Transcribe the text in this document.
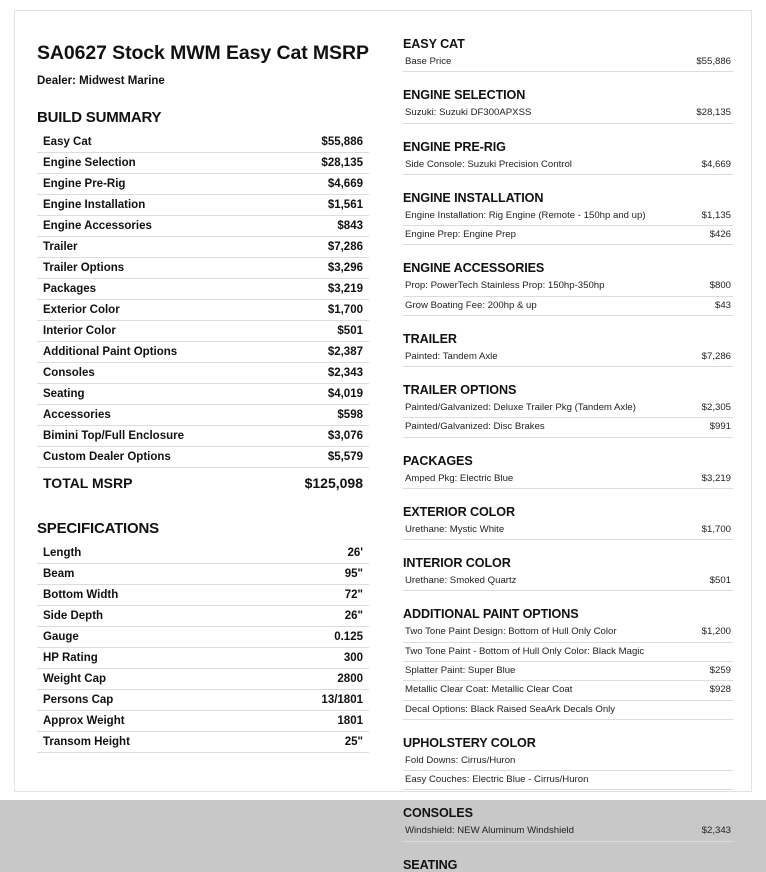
SA0627 Stock MWM Easy Cat MSRP
Dealer: Midwest Marine
BUILD SUMMARY
Easy Cat	$55,886
Engine Selection	$28,135
Engine Pre-Rig	$4,669
Engine Installation	$1,561
Engine Accessories	$843
Trailer	$7,286
Trailer Options	$3,296
Packages	$3,219
Exterior Color	$1,700
Interior Color	$501
Additional Paint Options	$2,387
Consoles	$2,343
Seating	$4,019
Accessories	$598
Bimini Top/Full Enclosure	$3,076
Custom Dealer Options	$5,579
TOTAL MSRP	$125,098
SPECIFICATIONS
Length	26'
Beam	95"
Bottom Width	72"
Side Depth	26"
Gauge	0.125
HP Rating	300
Weight Cap	2800
Persons Cap	13/1801
Approx Weight	1801
Transom Height	25"
EASY CAT
Base Price	$55,886
ENGINE SELECTION
Suzuki: Suzuki DF300APXSS	$28,135
ENGINE PRE-RIG
Side Console: Suzuki Precision Control	$4,669
ENGINE INSTALLATION
Engine Installation: Rig Engine (Remote - 150hp and up)	$1,135
Engine Prep: Engine Prep	$426
ENGINE ACCESSORIES
Prop: PowerTech Stainless Prop: 150hp-350hp	$800
Grow Boating Fee: 200hp & up	$43
TRAILER
Painted: Tandem Axle	$7,286
TRAILER OPTIONS
Painted/Galvanized: Deluxe Trailer Pkg (Tandem Axle)	$2,305
Painted/Galvanized: Disc Brakes	$991
PACKAGES
Amped Pkg: Electric Blue	$3,219
EXTERIOR COLOR
Urethane: Mystic White	$1,700
INTERIOR COLOR
Urethane: Smoked Quartz	$501
ADDITIONAL PAINT OPTIONS
Two Tone Paint Design: Bottom of Hull Only Color	$1,200
Two Tone Paint - Bottom of Hull Only Color: Black Magic	
Splatter Paint: Super Blue	$259
Metallic Clear Coat: Metallic Clear Coat	$928
Decal Options: Black Raised SeaArk Decals Only	
UPHOLSTERY COLOR
Fold Downs: Cirrus/Huron	
Easy Couches: Electric Blue - Cirrus/Huron	
CONSOLES
Windshield: NEW Aluminum Windshield	$2,343
SEATING
